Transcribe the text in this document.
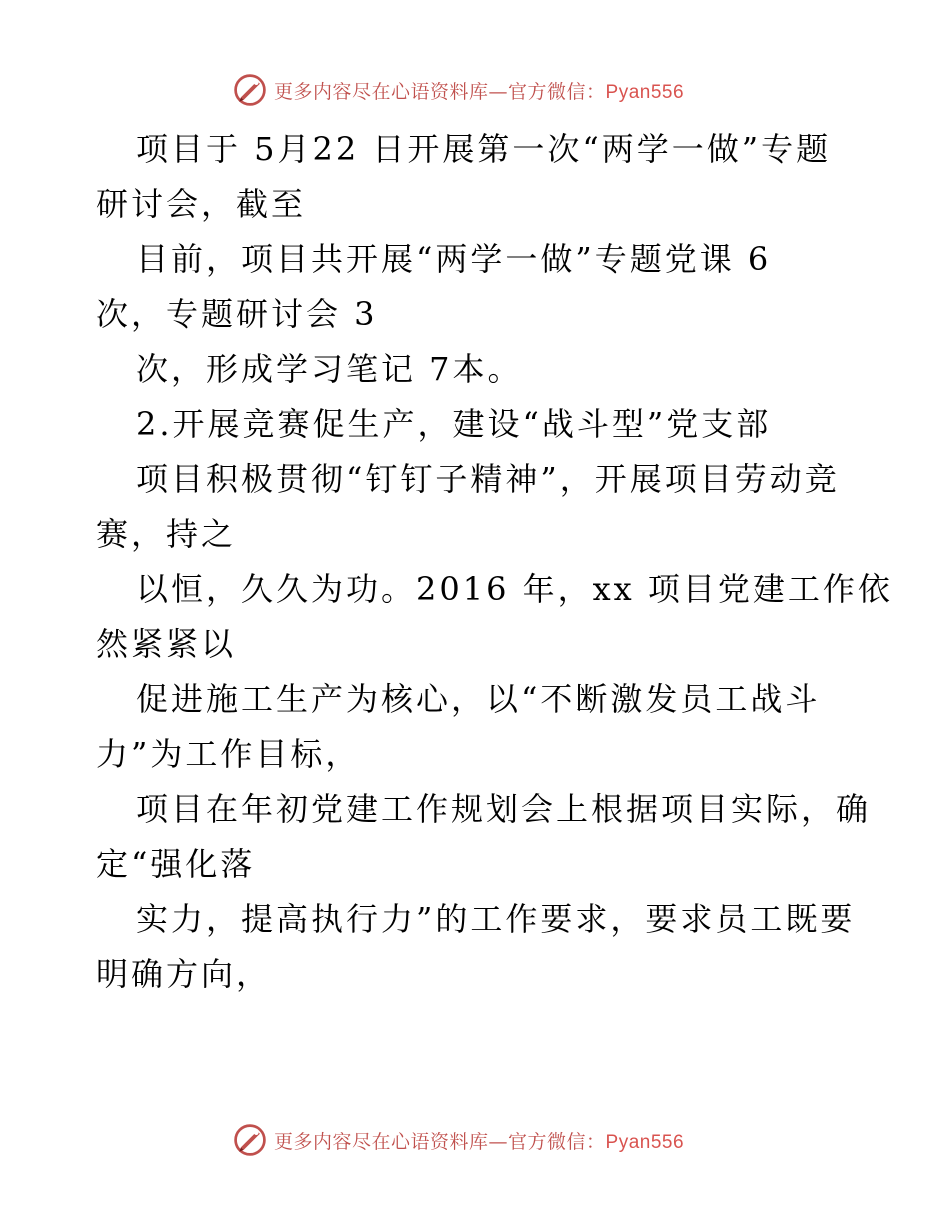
更多内容尽在心语资料库—官方微信：Pyan556
项目于 5月22 日开展第一次“两学一做”专题
研讨会，截至
目前，项目共开展“两学一做”专题党课 6
次，专题研讨会 3
次，形成学习笔记 7本。
2.开展竞赛促生产，建设“战斗型”党支部
项目积极贯彻“钉钉子精神”，开展项目劳动竞
赛，持之
以恒，久久为功。2016 年，xx 项目党建工作依
然紧紧以
促进施工生产为核心，以“不断激发员工战斗
力”为工作目标，
项目在年初党建工作规划会上根据项目实际，确
定“强化落
实力，提高执行力”的工作要求，要求员工既要
明确方向，
更多内容尽在心语资料库—官方微信：Pyan556
